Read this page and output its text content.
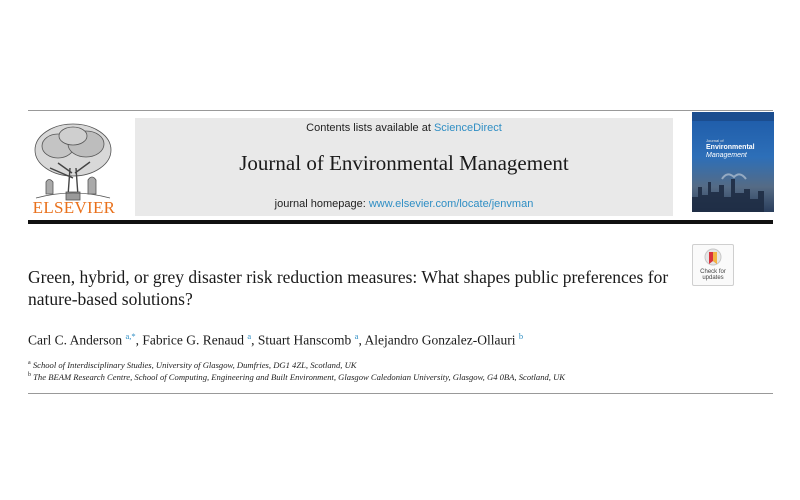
ELSEVIER
Contents lists available at ScienceDirect
Journal of Environmental Management
journal homepage: www.elsevier.com/locate/jenvman
Journal of
Environmental
Management
Check for
updates
Green, hybrid, or grey disaster risk reduction measures: What shapes public preferences for nature-based solutions?
Carl C. Anderson $^{a,*}$, Fabrice G. Renaud $^a$, Stuart Hanscomb $^a$, Alejandro Gonzalez-Ollauri $^b$
$^a$ School of Interdisciplinary Studies, University of Glasgow, Dumfries, DG1 4ZL, Scotland, UK
$^b$ The BEAM Research Centre, School of Computing, Engineering and Built Environment, Glasgow Caledonian University, Glasgow, G4 0BA, Scotland, UK
